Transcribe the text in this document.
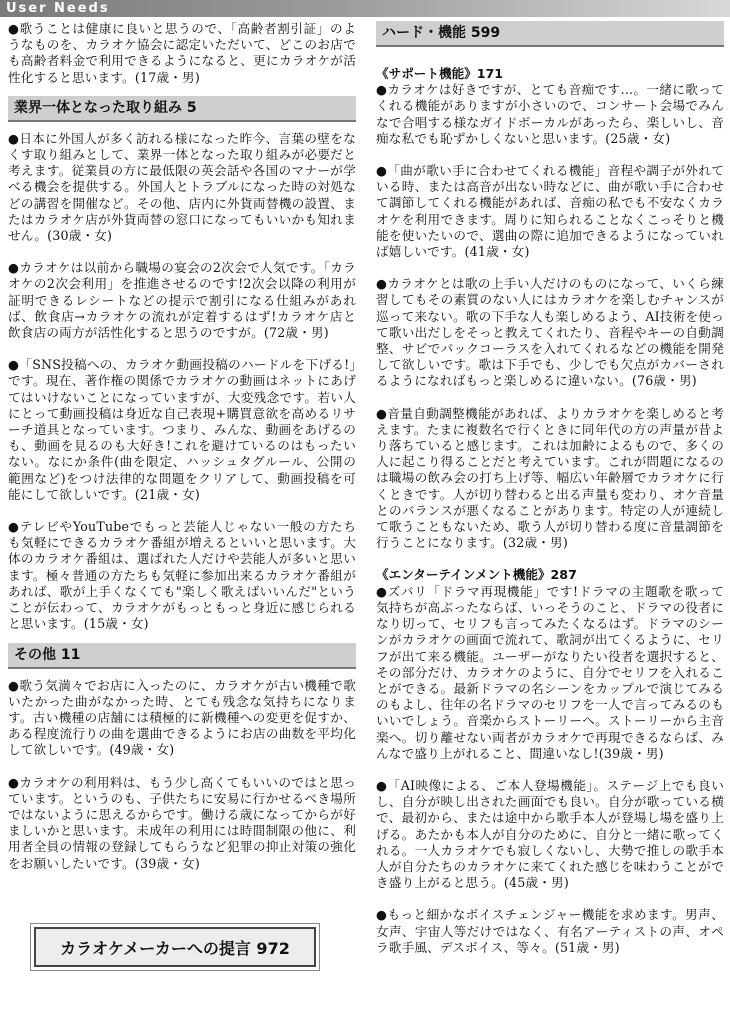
User Needs

●歌うことは健康に良いと思うので、「高齢者割引証」のようなものを、カラオケ協会に認定いただいて、どこのお店でも高齢者料金で利用できるようになると、更にカラオケが活性化すると思います。(17歳・男)

業界一体となった取り組み 5

●日本に外国人が多く訪れる様になった昨今、言葉の壁をなくす取り組みとして、業界一体となった取り組みが必要だと考えます。従業員の方に最低限の英会話や各国のマナーが学べる機会を提供する。外国人とトラブルになった時の対処などの講習を開催など。その他、店内に外貨両替機の設置、またはカラオケ店が外貨両替の窓口になってもいいかも知れません。(30歳・女)

●カラオケは以前から職場の宴会の2次会で人気です。「カラオケの2次会利用」を推進させるのです!2次会以降の利用が証明できるレシートなどの提示で割引になる仕組みがあれば、飲食店→カラオケの流れが定着するはず!カラオケ店と飲食店の両方が活性化すると思うのですが。(72歳・男)

●「SNS投稿への、カラオケ動画投稿のハードルを下げる!」です。現在、著作権の関係でカラオケの動画はネットにあげてはいけないことになっていますが、大変残念です。若い人にとって動画投稿は身近な自己表現+購買意欲を高めるリサーチ道具となっています。つまり、みんな、動画をあげるのも、動画を見るのも大好き!これを避けているのはもったいない。なにか条件(曲を限定、ハッシュタグルール、公開の範囲など)をつけ法律的な問題をクリアして、動画投稿を可能にして欲しいです。(21歳・女)

●テレビやYouTubeでもっと芸能人じゃない一般の方たちも気軽にできるカラオケ番組が増えるといいと思います。大体のカラオケ番組は、選ばれた人だけや芸能人が多いと思います。極々普通の方たちも気軽に参加出来るカラオケ番組があれば、歌が上手くなくても"楽しく歌えばいいんだ"ということが伝わって、カラオケがもっともっと身近に感じられると思います。(15歳・女)

その他 11

●歌う気満々でお店に入ったのに、カラオケが古い機種で歌いたかった曲がなかった時、とても残念な気持ちになります。古い機種の店舗には積極的に新機種への変更を促すか、ある程度流行りの曲を選曲できるようにお店の曲数を平均化して欲しいです。(49歳・女)

●カラオケの利用料は、もう少し高くてもいいのではと思っています。というのも、子供たちに安易に行かせるべき場所ではないように思えるからです。働ける歳になってからが好ましいかと思います。未成年の利用には時間制限の他に、利用者全員の情報の登録してもらうなど犯罪の抑止対策の強化をお願いしたいです。(39歳・女)

カラオケメーカーへの提言 972
ハード・機能 599

《サポート機能》171

●カラオケは好きですが、とても音痴です…。一緒に歌ってくれる機能がありますが小さいので、コンサート会場でみんなで合唱する様なガイドボーカルがあったら、楽しいし、音痴な私でも恥ずかしくないと思います。(25歳・女)

●「曲が歌い手に合わせてくれる機能」音程や調子が外れている時、または高音が出ない時などに、曲が歌い手に合わせて調節してくれる機能があれば、音痴の私でも不安なくカラオケを利用できます。周りに知られることなくこっそりと機能を使いたいので、選曲の際に追加できるようになっていれば嬉しいです。(41歳・女)

●カラオケとは歌の上手い人だけのものになって、いくら練習してもその素質のない人にはカラオケを楽しむチャンスが巡って来ない。歌の下手な人も楽しめるよう、AI技術を使って歌い出だしをそっと教えてくれたり、音程やキーの自動調整、サビでバックコーラスを入れてくれるなどの機能を開発して欲しいです。歌は下手でも、少しでも欠点がカバーされるようになればもっと楽しめるに違いない。(76歳・男)

●音量自動調整機能があれば、よりカラオケを楽しめると考えます。たまに複数名で行くときに同年代の方の声量が昔より落ちていると感じます。これは加齢によるもので、多くの人に起こり得ることだと考えています。これが問題になるのは職場の飲み会の打ち上げ等、幅広い年齢層でカラオケに行くときです。人が切り替わると出る声量も変わり、オケ音量とのバランスが悪くなることがあります。特定の人が連続して歌うこともないため、歌う人が切り替わる度に音量調節を行うことになります。(32歳・男)

《エンターテインメント機能》287

●ズバリ「ドラマ再現機能」です!ドラマの主題歌を歌って気持ちが高ぶったならば、いっそうのこと、ドラマの役者になり切って、セリフも言ってみたくなるはず。ドラマのシーンがカラオケの画面で流れて、歌詞が出てくるように、セリフが出て来る機能。ユーザーがなりたい役者を選択すると、その部分だけ、カラオケのように、自分でセリフを入れることができる。最新ドラマの名シーンをカップルで演じてみるのもよし、往年の名ドラマのセリフを一人で言ってみるのもいいでしょう。音楽からストーリーへ。ストーリーから主音楽へ。切り離せない両者がカラオケで再現できるならば、みんなで盛り上がれること、間違いなし!(39歳・男)

●「AI映像による、ご本人登場機能」。ステージ上でも良いし、自分が映し出された画面でも良い。自分が歌っている横で、最初から、または途中から歌手本人が登場し場を盛り上げる。あたかも本人が自分のために、自分と一緒に歌ってくれる。一人カラオケでも寂しくないし、大勢で推しの歌手本人が自分たちのカラオケに来てくれた感じを味わうことができ盛り上がると思う。(45歳・男)

●もっと細かなボイスチェンジャー機能を求めます。男声、女声、宇宙人等だけではなく、有名アーティストの声、オペラ歌手風、デスボイス、等々。(51歳・男)
